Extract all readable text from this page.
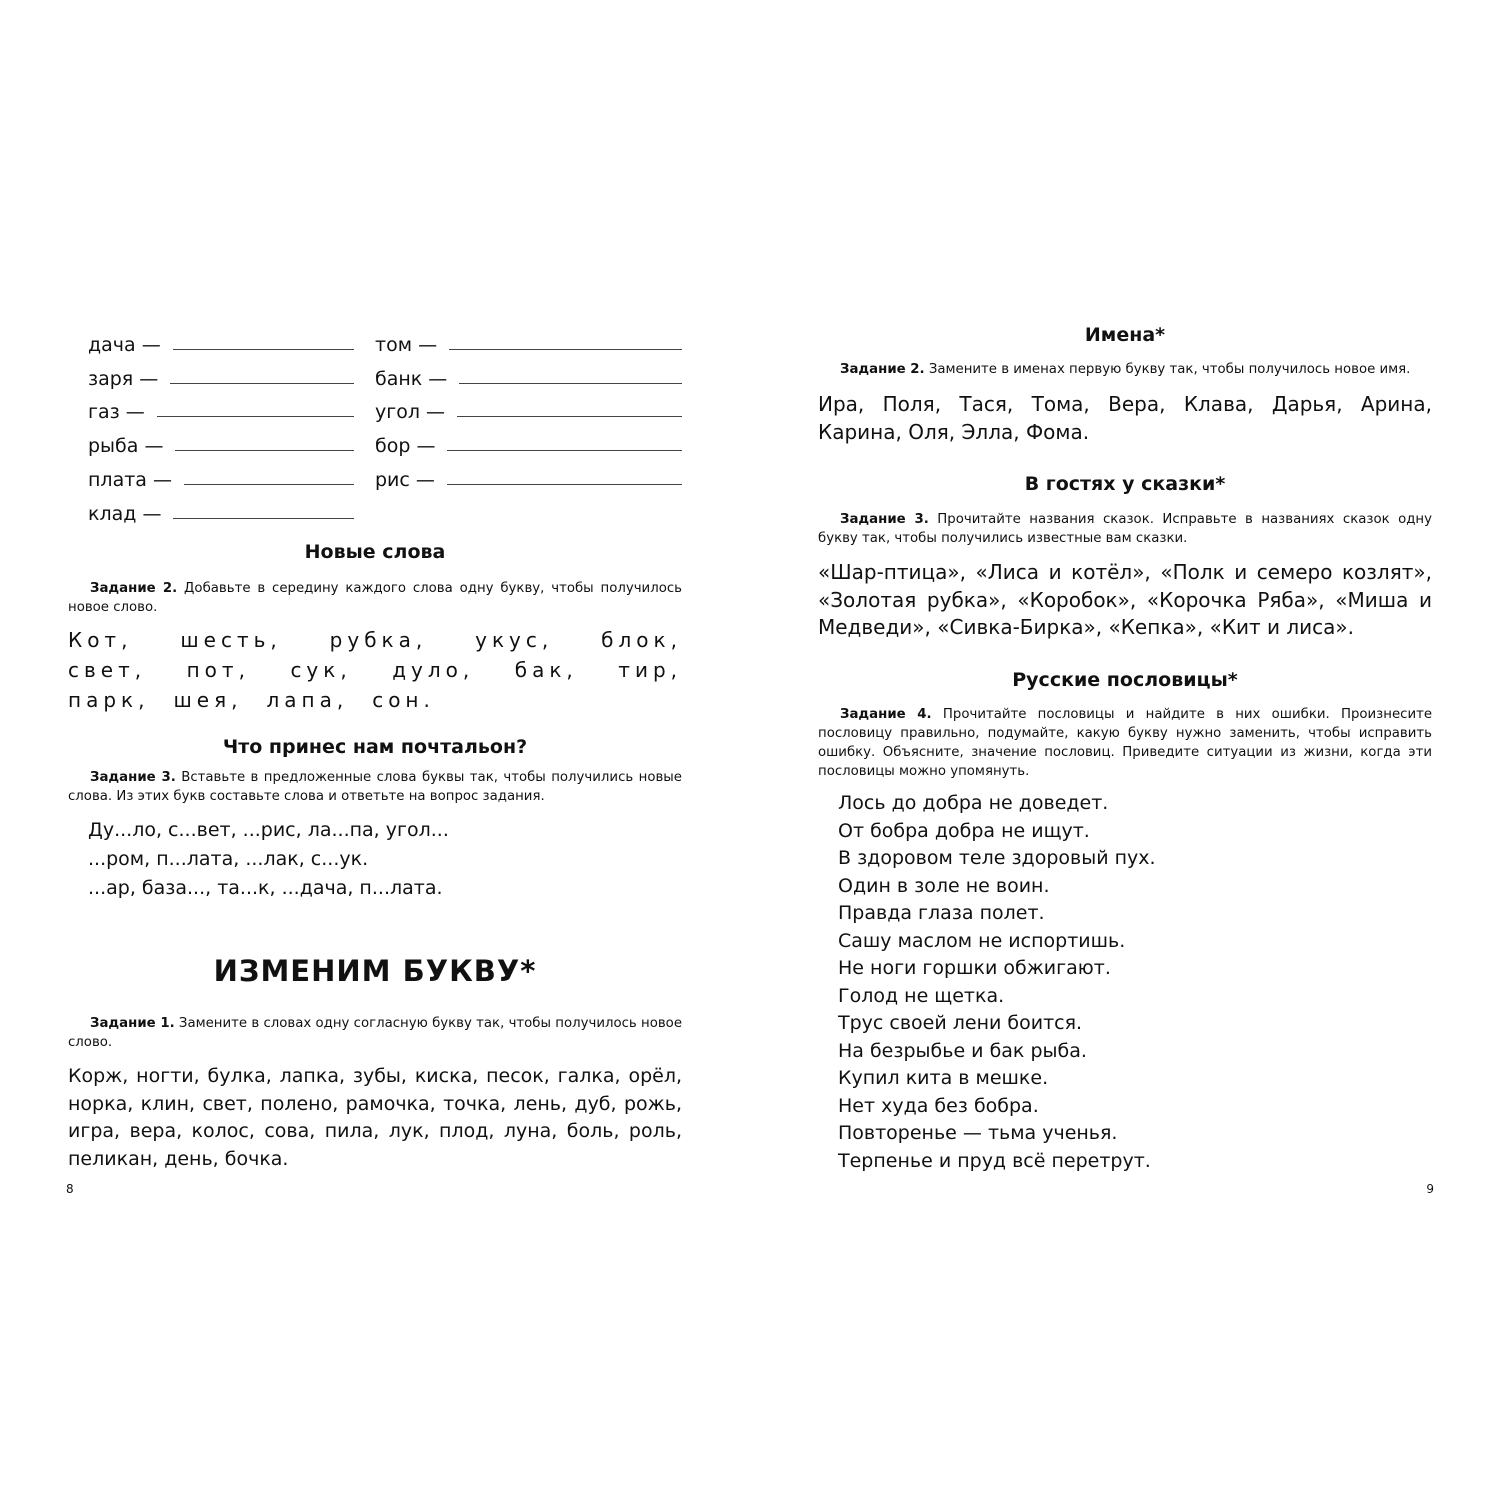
дача —	том —
заря —	банк —
газ —	угол —
рыба —	бор —
плата —	рис —
клад —
Новые слова

Задание 2. Добавьте в середину каждого слова одну букву, чтобы получилось новое слово.

Кот, шесть, рубка, укус, блок,
свет, пот, сук, дуло, бак, тир,
парк, шея, лапа, сон.
Что принес нам почтальон?

Задание 3. Вставьте в предложенные слова буквы так, чтобы получились новые слова. Из этих букв составьте слова и ответьте на вопрос задания.

Ду...ло, с...вет, ...рис, ла...па, угол...
...ром, п...лата, ...лак, с...ук.
...ар, база..., та...к, ...дача, п...лата.
ИЗМЕНИМ БУКВУ*

Задание 1. Замените в словах одну согласную букву так, чтобы получилось новое слово.

Корж, ногти, булка, лапка, зубы, киска, песок, галка, орёл, норка, клин, свет, полено, рамочка, точка, лень, дуб, рожь, игра, вера, колос, сова, пила, лук, плод, луна, боль, роль, пеликан, день, бочка.

8
Имена*

Задание 2. Замените в именах первую букву так, чтобы получилось новое имя.

Ира, Поля, Тася, Тома, Вера, Клава, Дарья, Арина, Карина, Оля, Элла, Фома.

В гостях у сказки*

Задание 3. Прочитайте названия сказок. Исправьте в названиях сказок одну букву так, чтобы получились известные вам сказки.

«Шар-птица», «Лиса и котёл», «Полк и семеро козлят», «Золотая рубка», «Коробок», «Корочка Ряба», «Миша и Медведи», «Сивка-Бирка», «Кепка», «Кит и лиса».

Русские пословицы*

Задание 4. Прочитайте пословицы и найдите в них ошибки. Произнесите пословицу правильно, подумайте, какую букву нужно заменить, чтобы исправить ошибку. Объясните, значение пословиц. Приведите ситуации из жизни, когда эти пословицы можно упомянуть.

Лось до добра не доведет.
От бобра добра не ищут.
В здоровом теле здоровый пух.
Один в золе не воин.
Правда глаза полет.
Сашу маслом не испортишь.
Не ноги горшки обжигают.
Голод не щетка.
Трус своей лени боится.
На безрыбье и бак рыба.
Купил кита в мешке.
Нет худа без бобра.
Повторенье — тьма ученья.
Терпенье и пруд всё перетрут.
9
